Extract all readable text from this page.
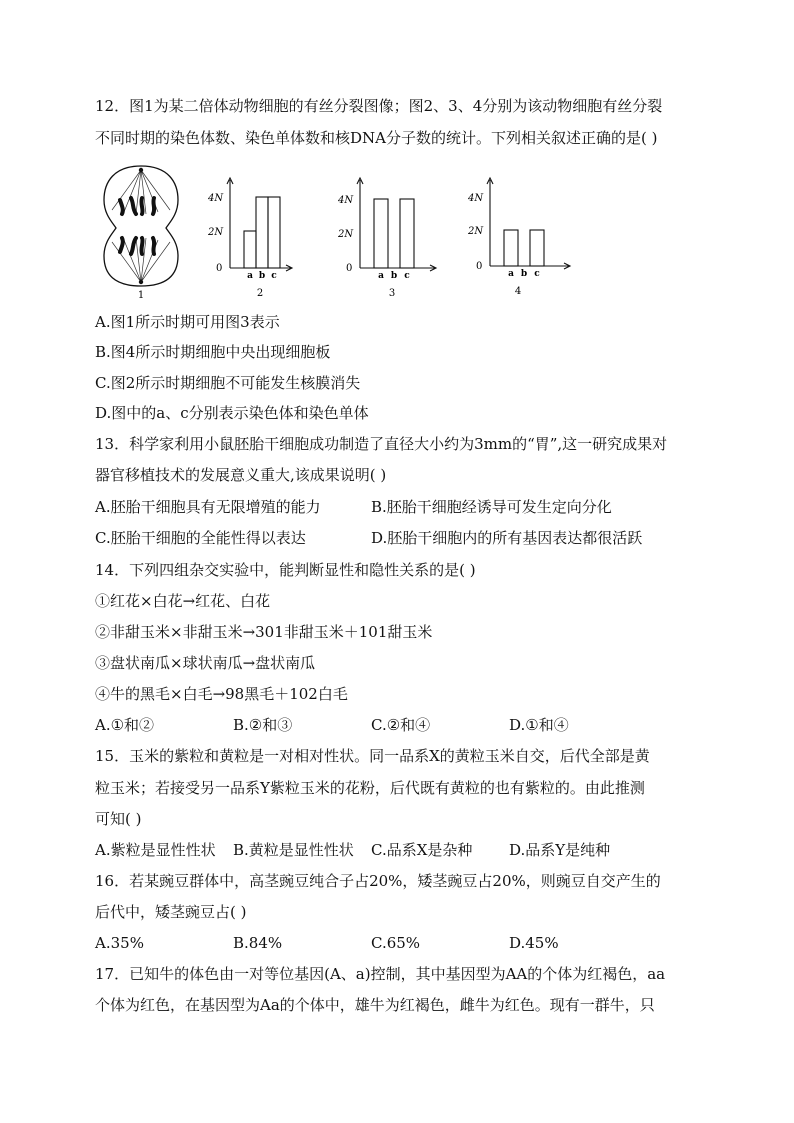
12．图1为某二倍体动物细胞的有丝分裂图像；图2、3、4分别为该动物细胞有丝分裂
不同时期的染色体数、染色单体数和核DNA分子数的统计。下列相关叙述正确的是( )
1
4N
2N
0
a b c
2
4N
2N
0
a b c
3
4N
2N
0
a b c
4
A.图1所示时期可用图3表示
B.图4所示时期细胞中央出现细胞板
C.图2所示时期细胞不可能发生核膜消失
D.图中的a、c分别表示染色体和染色单体
13．科学家利用小鼠胚胎干细胞成功制造了直径大小约为3mm的“胃”,这一研究成果对
器官移植技术的发展意义重大,该成果说明( )
A.胚胎干细胞具有无限增殖的能力	B.胚胎干细胞经诱导可发生定向分化
C.胚胎干细胞的全能性得以表达	D.胚胎干细胞内的所有基因表达都很活跃
14．下列四组杂交实验中，能判断显性和隐性关系的是( )
①红花×白花→红花、白花
②非甜玉米×非甜玉米→301非甜玉米＋101甜玉米
③盘状南瓜×球状南瓜→盘状南瓜
④牛的黑毛×白毛→98黑毛＋102白毛
A.①和②	B.②和③	C.②和④	D.①和④
15．玉米的紫粒和黄粒是一对相对性状。同一品系X的黄粒玉米自交，后代全部是黄
粒玉米；若接受另一品系Y紫粒玉米的花粉，后代既有黄粒的也有紫粒的。由此推测
可知( )
A.紫粒是显性性状 B.黄粒是显性性状 C.品系X是杂种 D.品系Y是纯种
16．若某豌豆群体中，高茎豌豆纯合子占20%，矮茎豌豆占20%，则豌豆自交产生的
后代中，矮茎豌豆占( )
A.35%	B.84%	C.65%	D.45%
17．已知牛的体色由一对等位基因(A、a)控制，其中基因型为AA的个体为红褐色，aa
个体为红色，在基因型为Aa的个体中，雄牛为红褐色，雌牛为红色。现有一群牛，只
